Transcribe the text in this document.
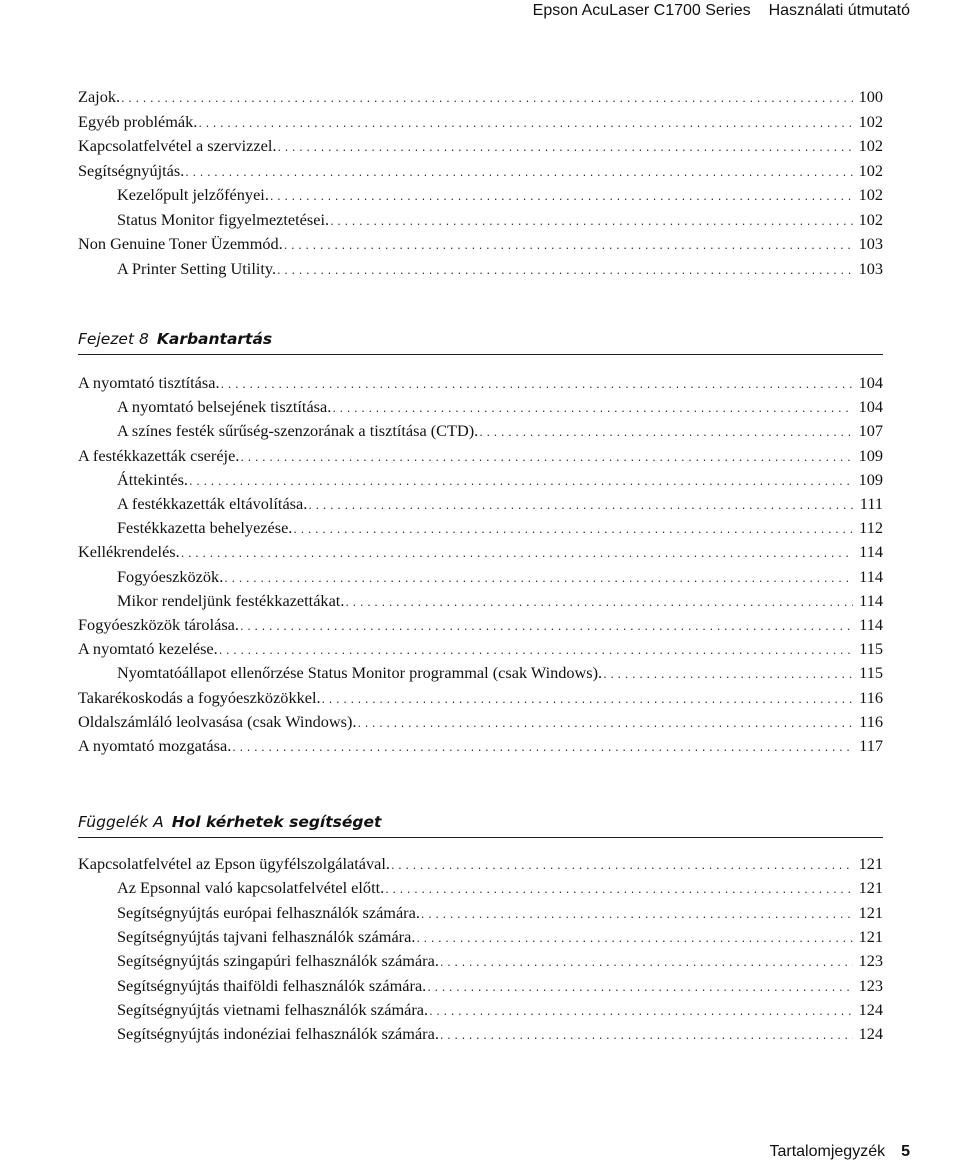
Epson AcuLaser C1700 Series Használati útmutató
Zajok. . . .	100
Egyéb problémák. . . .	102
Kapcsolatfelvétel a szervizzel. . . .	102
Segítségnyújtás. . . .	102
Kezelőpult jelzőfényei. . . .	102
Status Monitor figyelmeztetései. . . .	102
Non Genuine Toner Üzemmód. . . .	103
A Printer Setting Utility. . . .	103
Fejezet 8 Karbantartás
A nyomtató tisztítása. . . .	104
A nyomtató belsejének tisztítása. . . .	104
A színes festék sűrűség-szenzorának a tisztítása (CTD). . . .	107
A festékkazetták cseréje. . . .	109
Áttekintés. . . .	109
A festékkazetták eltávolítása. . . .	111
Festékkazetta behelyezése. . . .	112
Kellékrendelés. . . .	114
Fogyóeszközök. . . .	114
Mikor rendeljünk festékkazettákat. . . .	114
Fogyóeszközök tárolása. . . .	114
A nyomtató kezelése. . . .	115
Nyomtatóállapot ellenőrzése Status Monitor programmal (csak Windows). . . .	115
Takarékoskodás a fogyóeszközökkel. . . .	116
Oldalszámláló leolvasása (csak Windows). . . .	116
A nyomtató mozgatása. . . .	117
Függelék A Hol kérhetek segítséget
Kapcsolatfelvétel az Epson ügyfélszolgálatával. . . .	121
Az Epsonnal való kapcsolatfelvétel előtt. . . .	121
Segítségnyújtás európai felhasználók számára. . . .	121
Segítségnyújtás tajvani felhasználók számára. . . .	121
Segítségnyújtás szingapúri felhasználók számára. . . .	123
Segítségnyújtás thaiföldi felhasználók számára. . . .	123
Segítségnyújtás vietnami felhasználók számára. . . .	124
Segítségnyújtás indonéziai felhasználók számára. . . .	124
Tartalomjegyzék 5
